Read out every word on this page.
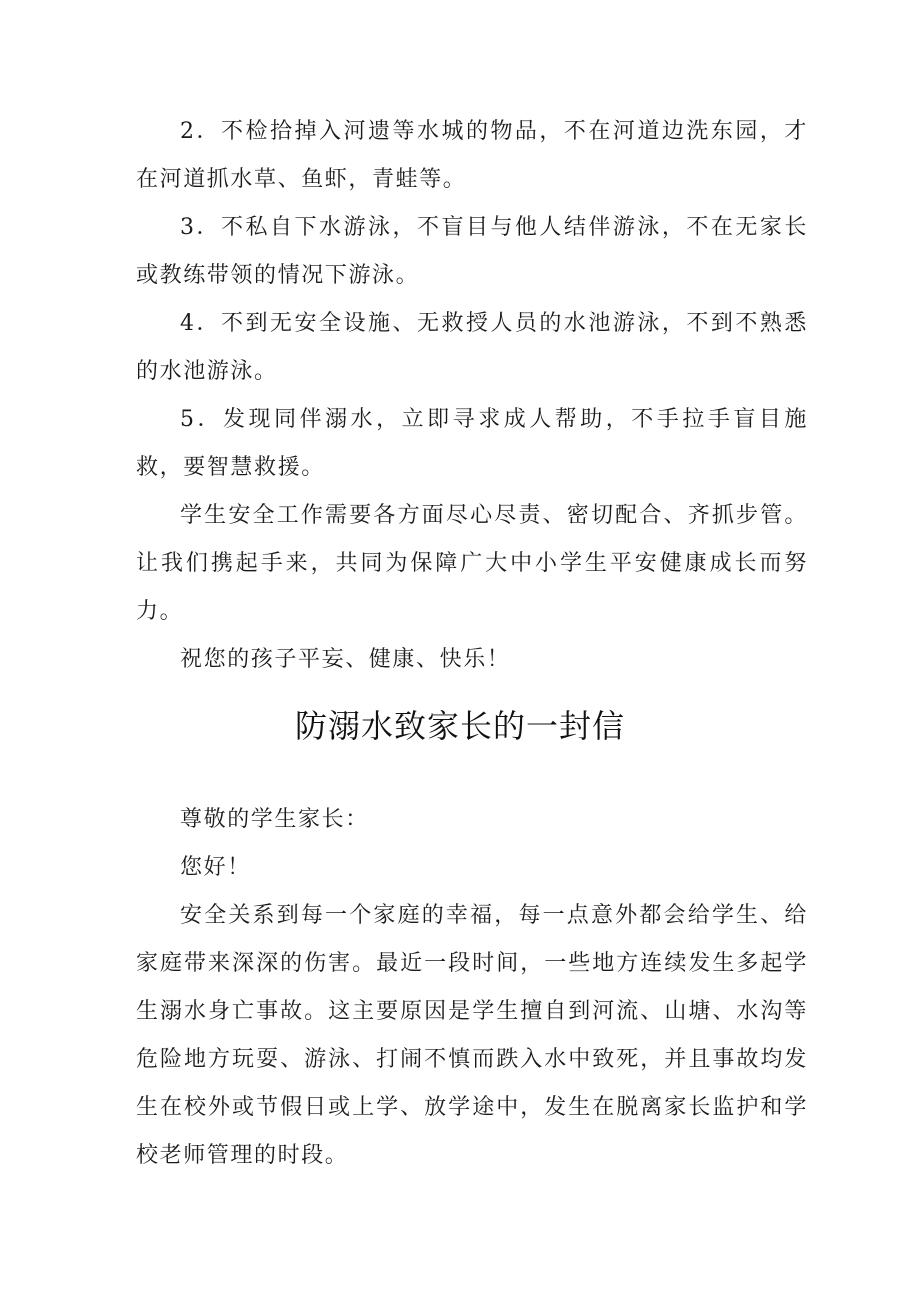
2．不检拾掉入河遗等水城的物品，不在河道边洗东园，才在河道抓水草、鱼虾，青蛙等。

3．不私自下水游泳，不盲目与他人结伴游泳，不在无家长或教练带领的情况下游泳。

4．不到无安全设施、无救授人员的水池游泳，不到不熟悉的水池游泳。

5．发现同伴溺水，立即寻求成人帮助，不手拉手盲目施救，要智慧救援。

学生安全工作需要各方面尽心尽责、密切配合、齐抓步管。让我们携起手来，共同为保障广大中小学生平安健康成长而努力。

祝您的孩子平妄、健康、快乐！

防溺水致家长的一封信

尊敬的学生家长：

您好！

安全关系到每一个家庭的幸福，每一点意外都会给学生、给家庭带来深深的伤害。最近一段时间，一些地方连续发生多起学生溺水身亡事故。这主要原因是学生擅自到河流、山塘、水沟等危险地方玩耍、游泳、打闹不慎而跌入水中致死，并且事故均发生在校外或节假日或上学、放学途中，发生在脱离家长监护和学校老师管理的时段。
